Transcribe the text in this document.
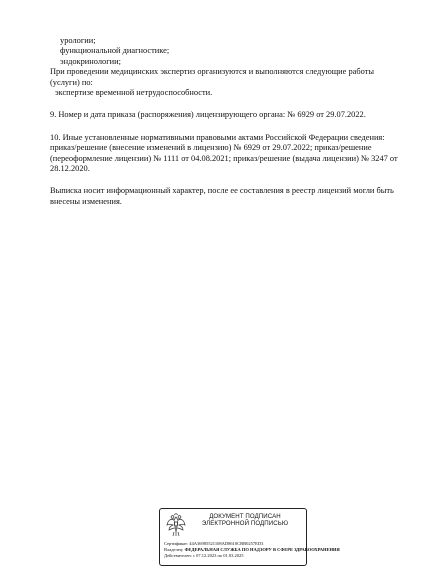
урологии;
функциональной диагностике;
эндокринологии;
При проведении медицинских экспертиз организуются и выполняются следующие работы
(услуги) по:
экспертизе временной нетрудоспособности.
9. Номер и дата приказа (распоряжения) лицензирующего органа: № 6929 от 29.07.2022.
10. Иные установленные нормативными правовыми актами Российской Федерации сведения:
приказ/решение (внесение изменений в лицензию) № 6929 от 29.07.2022; приказ/решение
(переоформление лицензии) № 1111 от 04.08.2021; приказ/решение (выдача лицензии) № 3247 от
28.12.2020.
Выписка носит информационный характер, после ее составления в реестр лицензий могли быть
внесены изменения.
ДОКУМЕНТ ПОДПИСАН
ЭЛЕКТРОННОЙ ПОДПИСЬЮ
Сертификат: 44A36985521108AD8610CBB0257ED3
Владелец: ФЕДЕРАЛЬНАЯ СЛУЖБА ПО НАДЗОРУ В СФЕРЕ ЗДРАВООХРАНЕНИЯ
Действителен: с 07.12.2023 по 01.03.2025
